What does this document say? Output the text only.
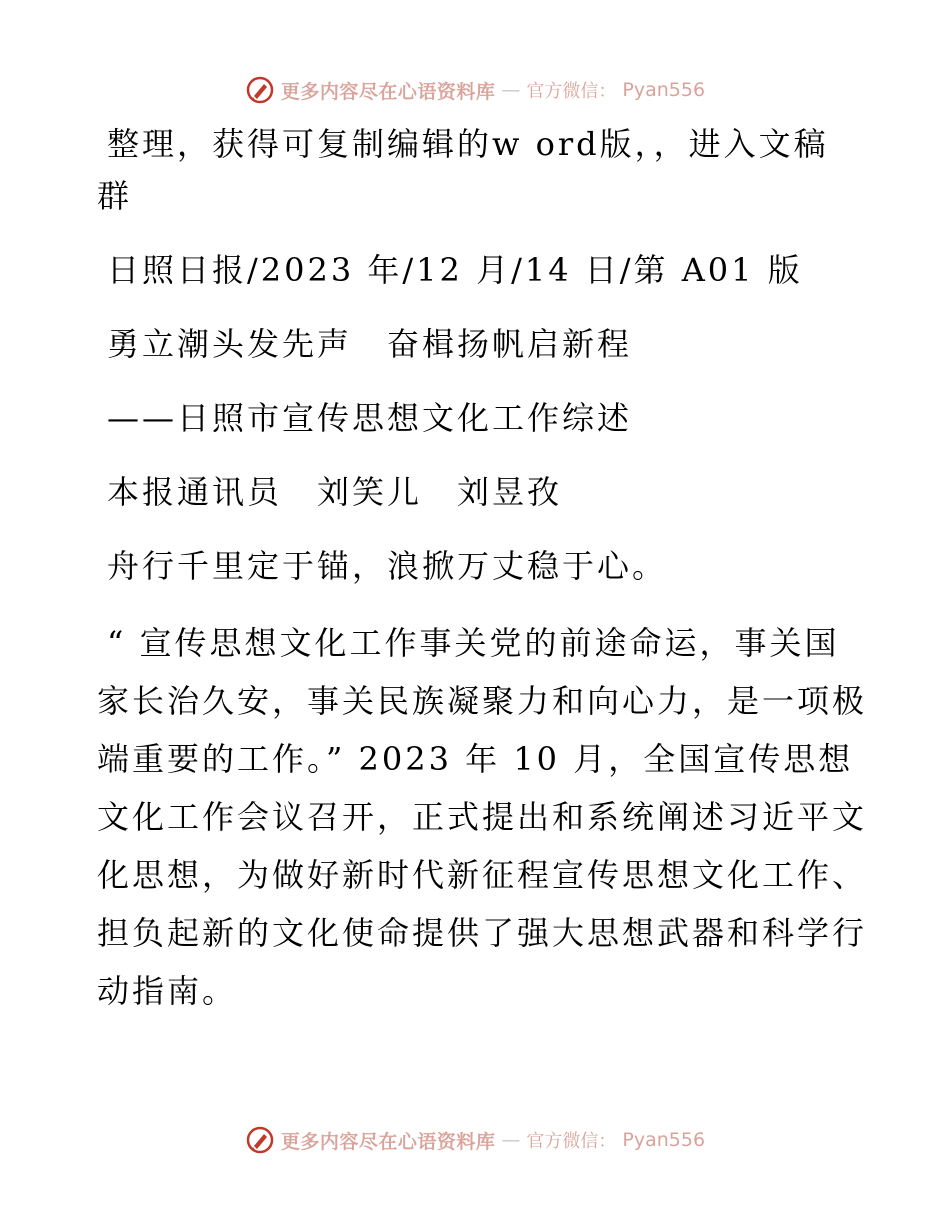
更多内容尽在心语资料库 — 官方微信： Pyan556
整理，获得可复制编辑的w ord版，，进入文稿
群
日照日报/2023 年/12 月/14 日/第 A01 版
勇立潮头发先声　奋楫扬帆启新程
——日照市宣传思想文化工作综述
本报通讯员　刘笑儿　刘昱孜
舟行千里定于锚，浪掀万丈稳于心。
“ 宣传思想文化工作事关党的前途命运，事关国
家长治久安，事关民族凝聚力和向心力，是一项极
端重要的工作。” 2023 年 10 月，全国宣传思想
文化工作会议召开，正式提出和系统阐述习近平文
化思想，为做好新时代新征程宣传思想文化工作、
担负起新的文化使命提供了强大思想武器和科学行
动指南。
更多内容尽在心语资料库 — 官方微信： Pyan556
